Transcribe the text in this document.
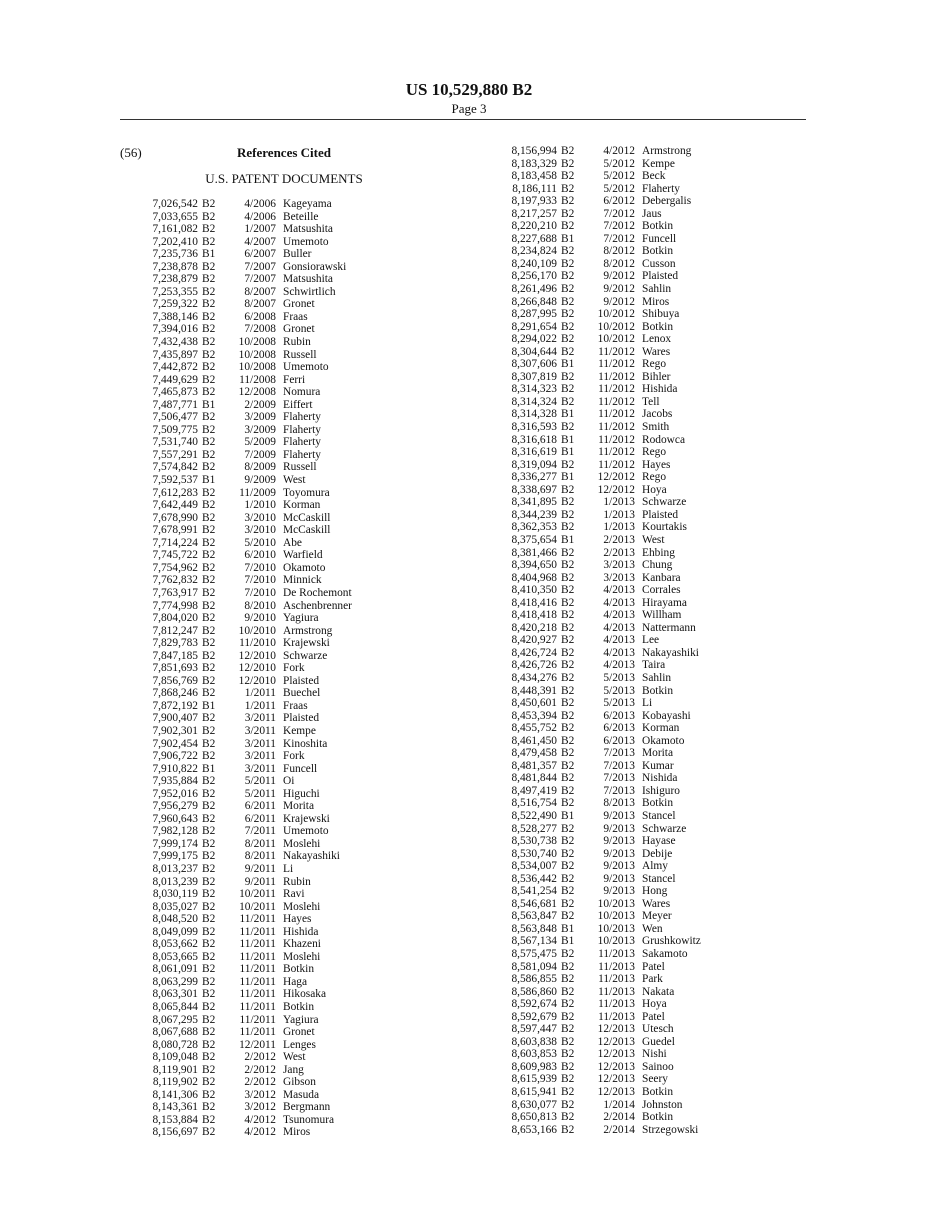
US 10,529,880 B2
Page 3
(56)	References Cited
U.S. PATENT DOCUMENTS
7,026,542 B2	4/2006 Kageyama
7,033,655 B2	4/2006 Beteille
7,161,082 B2	1/2007 Matsushita
7,202,410 B2	4/2007 Umemoto
7,235,736 B1	6/2007 Buller
7,238,878 B2	7/2007 Gonsiorawski
7,238,879 B2	7/2007 Matsushita
7,253,355 B2	8/2007 Schwirtlich
7,259,322 B2	8/2007 Gronet
7,388,146 B2	6/2008 Fraas
7,394,016 B2	7/2008 Gronet
7,432,438 B2	10/2008 Rubin
7,435,897 B2	10/2008 Russell
7,442,872 B2	10/2008 Umemoto
7,449,629 B2	11/2008 Ferri
7,465,873 B2	12/2008 Nomura
7,487,771 B1	2/2009 Eiffert
7,506,477 B2	3/2009 Flaherty
7,509,775 B2	3/2009 Flaherty
7,531,740 B2	5/2009 Flaherty
7,557,291 B2	7/2009 Flaherty
7,574,842 B2	8/2009 Russell
7,592,537 B1	9/2009 West
7,612,283 B2	11/2009 Toyomura
7,642,449 B2	1/2010 Korman
7,678,990 B2	3/2010 McCaskill
7,678,991 B2	3/2010 McCaskill
7,714,224 B2	5/2010 Abe
7,745,722 B2	6/2010 Warfield
7,754,962 B2	7/2010 Okamoto
7,762,832 B2	7/2010 Minnick
7,763,917 B2	7/2010 De Rochemont
7,774,998 B2	8/2010 Aschenbrenner
7,804,020 B2	9/2010 Yagiura
7,812,247 B2	10/2010 Armstrong
7,829,783 B2	11/2010 Krajewski
7,847,185 B2	12/2010 Schwarze
7,851,693 B2	12/2010 Fork
7,856,769 B2	12/2010 Plaisted
7,868,246 B2	1/2011 Buechel
7,872,192 B1	1/2011 Fraas
7,900,407 B2	3/2011 Plaisted
7,902,301 B2	3/2011 Kempe
7,902,454 B2	3/2011 Kinoshita
7,906,722 B2	3/2011 Fork
7,910,822 B1	3/2011 Funcell
7,935,884 B2	5/2011 Oi
7,952,016 B2	5/2011 Higuchi
7,956,279 B2	6/2011 Morita
7,960,643 B2	6/2011 Krajewski
7,982,128 B2	7/2011 Umemoto
7,999,174 B2	8/2011 Moslehi
7,999,175 B2	8/2011 Nakayashiki
8,013,237 B2	9/2011 Li
8,013,239 B2	9/2011 Rubin
8,030,119 B2	10/2011 Ravi
8,035,027 B2	10/2011 Moslehi
8,048,520 B2	11/2011 Hayes
8,049,099 B2	11/2011 Hishida
8,053,662 B2	11/2011 Khazeni
8,053,665 B2	11/2011 Moslehi
8,061,091 B2	11/2011 Botkin
8,063,299 B2	11/2011 Haga
8,063,301 B2	11/2011 Hikosaka
8,065,844 B2	11/2011 Botkin
8,067,295 B2	11/2011 Yagiura
8,067,688 B2	11/2011 Gronet
8,080,728 B2	12/2011 Lenges
8,109,048 B2	2/2012 West
8,119,901 B2	2/2012 Jang
8,119,902 B2	2/2012 Gibson
8,141,306 B2	3/2012 Masuda
8,143,361 B2	3/2012 Bergmann
8,153,884 B2	4/2012 Tsunomura
8,156,697 B2	4/2012 Miros
8,156,994 B2	4/2012 Armstrong
8,183,329 B2	5/2012 Kempe
8,183,458 B2	5/2012 Beck
8,186,111 B2	5/2012 Flaherty
8,197,933 B2	6/2012 Debergalis
8,217,257 B2	7/2012 Jaus
8,220,210 B2	7/2012 Botkin
8,227,688 B1	7/2012 Funcell
8,234,824 B2	8/2012 Botkin
8,240,109 B2	8/2012 Cusson
8,256,170 B2	9/2012 Plaisted
8,261,496 B2	9/2012 Sahlin
8,266,848 B2	9/2012 Miros
8,287,995 B2	10/2012 Shibuya
8,291,654 B2	10/2012 Botkin
8,294,022 B2	10/2012 Lenox
8,304,644 B2	11/2012 Wares
8,307,606 B1	11/2012 Rego
8,307,819 B2	11/2012 Bihler
8,314,323 B2	11/2012 Hishida
8,314,324 B2	11/2012 Tell
8,314,328 B1	11/2012 Jacobs
8,316,593 B2	11/2012 Smith
8,316,618 B1	11/2012 Rodowca
8,316,619 B1	11/2012 Rego
8,319,094 B2	11/2012 Hayes
8,336,277 B1	12/2012 Rego
8,338,697 B2	12/2012 Hoya
8,341,895 B2	1/2013 Schwarze
8,344,239 B2	1/2013 Plaisted
8,362,353 B2	1/2013 Kourtakis
8,375,654 B1	2/2013 West
8,381,466 B2	2/2013 Ehbing
8,394,650 B2	3/2013 Chung
8,404,968 B2	3/2013 Kanbara
8,410,350 B2	4/2013 Corrales
8,418,416 B2	4/2013 Hirayama
8,418,418 B2	4/2013 Willham
8,420,218 B2	4/2013 Nattermann
8,420,927 B2	4/2013 Lee
8,426,724 B2	4/2013 Nakayashiki
8,426,726 B2	4/2013 Taira
8,434,276 B2	5/2013 Sahlin
8,448,391 B2	5/2013 Botkin
8,450,601 B2	5/2013 Li
8,453,394 B2	6/2013 Kobayashi
8,455,752 B2	6/2013 Korman
8,461,450 B2	6/2013 Okamoto
8,479,458 B2	7/2013 Morita
8,481,357 B2	7/2013 Kumar
8,481,844 B2	7/2013 Nishida
8,497,419 B2	7/2013 Ishiguro
8,516,754 B2	8/2013 Botkin
8,522,490 B1	9/2013 Stancel
8,528,277 B2	9/2013 Schwarze
8,530,738 B2	9/2013 Hayase
8,530,740 B2	9/2013 Debije
8,534,007 B2	9/2013 Almy
8,536,442 B2	9/2013 Stancel
8,541,254 B2	9/2013 Hong
8,546,681 B2	10/2013 Wares
8,563,847 B2	10/2013 Meyer
8,563,848 B1	10/2013 Wen
8,567,134 B1	10/2013 Grushkowitz
8,575,475 B2	11/2013 Sakamoto
8,581,094 B2	11/2013 Patel
8,586,855 B2	11/2013 Park
8,586,860 B2	11/2013 Nakata
8,592,674 B2	11/2013 Hoya
8,592,679 B2	11/2013 Patel
8,597,447 B2	12/2013 Utesch
8,603,838 B2	12/2013 Guedel
8,603,853 B2	12/2013 Nishi
8,609,983 B2	12/2013 Sainoo
8,615,939 B2	12/2013 Seery
8,615,941 B2	12/2013 Botkin
8,630,077 B2	1/2014 Johnston
8,650,813 B2	2/2014 Botkin
8,653,166 B2	2/2014 Strzegowski
